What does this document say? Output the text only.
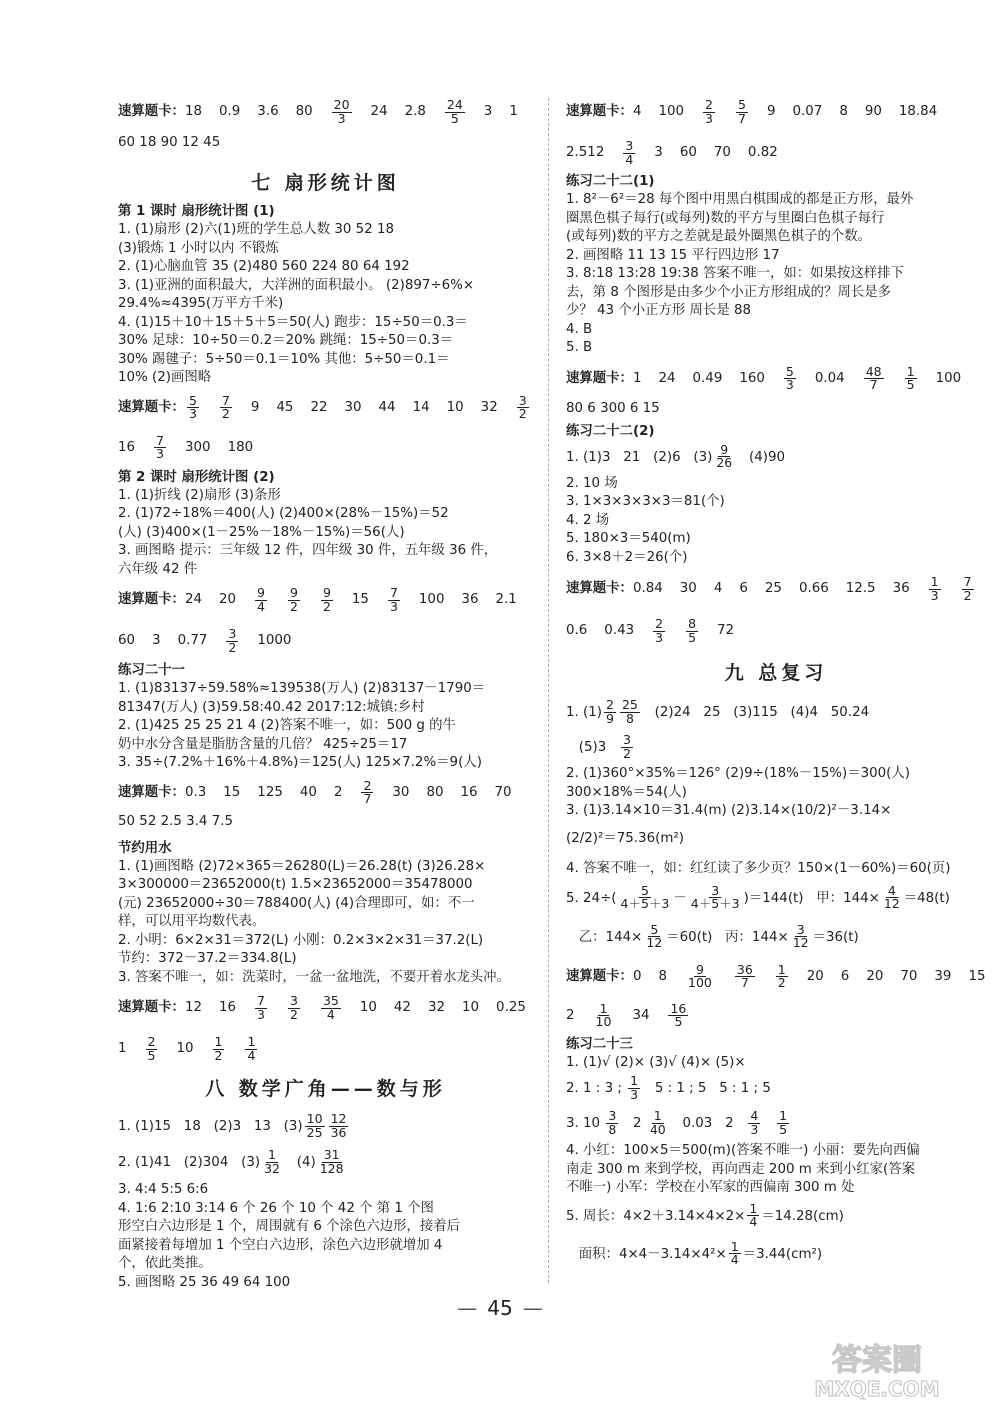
速算题卡： 18 0.9 3.6 $80 \frac{20}{3} 24$ $2.8 \frac{24}{5} 3$ 1
60 18 90 12 45
七 扇形统计图
第 1 课时 扇形统计图 (1)
1. (1)扇形 (2)六(1)班的学生总人数 30 52 18
(3)锻炼 1 小时以内 不锻炼
2. (1)心脑血管 35 (2)480 560 224 80 64 192
3. (1)亚洲的面积最大，大洋洲的面积最小。 (2)897÷6%×
29.4%≈4395(万平方千米)
4. (1)15＋10＋15＋5＋5＝50(人) 跑步：15÷50＝0.3＝
30% 足球：10÷50＝0.2＝20% 跳绳：15÷50＝0.3＝
30% 踢毽子：5÷50＝0.1＝10% 其他：5÷50＝0.1＝
10% (2)画图略
速算题卡： $\frac{5}{3} \frac{7}{2} 9$ 45 22 30 44 14 10 $32 \frac{3}{2}$
$16 \frac{7}{3} 300$ 180
第 2 课时 扇形统计图 (2)
1. (1)折线 (2)扇形 (3)条形
2. (1)72÷18%＝400(人) (2)400×(28%－15%)＝52
(人) (3)400×(1－25%－18%－15%)＝56(人)
3. 画图略 提示：三年级 12 件，四年级 30 件，五年级 36 件，
六年级 42 件
速算题卡： 24 $20 \frac{9}{4} \frac{9}{2} \frac{9}{2} 15 \frac{7}{3} 100$ 36 2.1
60 3 $0.77 \frac{3}{2} 1000$
练习二十一
1. (1)83137÷59.58%≈139538(万人) (2)83137－1790＝
81347(万人) (3)59.58:40.42 2017:12:城镇:乡村
2. (1)425 25 25 21 4 (2)答案不唯一，如：500 g 的牛
奶中水分含量是脂肪含量的几倍？ 425÷25＝17
3. 35÷(7.2%＋16%＋4.8%)＝125(人) 125×7.2%＝9(人)
速算题卡： 0.3 15 125 40 $2 \frac{2}{7} 30$ 80 16 70
50 52 2.5 3.4 7.5
节约用水
1. (1)画图略 (2)72×365＝26280(L)＝26.28(t) (3)26.28×
3×300000＝23652000(t) 1.5×23652000＝35478000
(元) 23652000÷30＝788400(人) (4)合理即可，如：不一
样，可以用平均数代表。
2. 小明：6×2×31＝372(L) 小刚：0.2×3×2×31＝37.2(L)
节约：372－37.2＝334.8(L)
3. 答案不唯一，如：洗菜时，一盆一盆地洗，不要开着水龙头冲。
速算题卡： 12 $16 \frac{7}{3} \frac{3}{2} \frac{35}{4} 10$ 42 32 10 0.25
$1 \frac{2}{5} 10 \frac{1}{2} \frac{1}{4}$
八 数学广角——数与形
1. (1)15   18   (2)3   13   $(3) \frac{10}{25} \frac{12}{36}$
2. (1)41   (2)304   $(3) \frac{1}{32} (4) \frac{31}{128}$
3. 4:4 5:5 6:6
4. 1:6 2:10 3:14 6 个 26 个 10 个 42 个 第 1 个图
形空白六边形是 1 个，周围就有 6 个涂色六边形，接着后
面紧接着每增加 1 个空白六边形，涂色六边形就增加 4
个，依此类推。
5. 画图略 25 36 49 64 100
速算题卡： 4 $100 \frac{2}{3} \frac{5}{7} 9$ 0.07 8 90 18.84
$2.512 \frac{3}{4} 3$ 60 70 0.82
练习二十二(1)
1. 8²－6²＝28 每个图中用黑白棋围成的都是正方形，最外
圈黑色棋子每行(或每列)数的平方与里圈白色棋子每行
(或每列)数的平方之差就是最外圈黑色棋子的个数。
2. 画图略 11 13 15 平行四边形 17
3. 8:18 13:28 19:38 答案不唯一，如：如果按这样排下
去，第 8 个图形是由多少个小正方形组成的？周长是多
少？ 43 个小正方形 周长是 88
4. B
5. B
速算题卡： 1 24 0.49 $160 \frac{5}{3} 0.04 \frac{48}{7} \frac{1}{5} 100$
80 6 300 6 15
练习二十二(2)
1. (1)3   21   (2)6   $(3) \frac{9}{26} (4)90$
2. 10 场
3. 1×3×3×3×3＝81(个)
4. 2 场
5. 180×3＝540(m)
6. 3×8＋2＝26(个)
速算题卡： 0.84 30 4 6 25 0.66 12.5 $36 \frac{1}{3} \frac{7}{2}$
0.6 $0.43 \frac{2}{3} \frac{8}{5} 72$
九 总复习
1. $(1) \frac{2}{9} \frac{25}{8} (2)24$   25   (3)115   (4)4   50.24
$(5)3 \frac{3}{2}$
2. (1)360°×35%＝126° (2)9÷(18%－15%)＝300(人)
300×18%＝54(人)
3. (1)3.14×10＝31.4(m) (2)3.14×(10/2)²－3.14×
(2/2)²＝75.36(m²)
4. 答案不唯一，如：红红读了多少页？150×(1－60%)＝60(页)
5. $24\div( \frac{5}{4+5+3} - \frac{3}{4+5+3} )=144(t)$   甲：$144\times \frac{4}{12} =48(t)$
乙：$144\times \frac{5}{12} =60(t)$   丙：$144\times \frac{3}{12} =36(t)$
速算题卡： 0 $8 \frac{9}{100} \frac{36}{7} \frac{1}{2} 20$ 6 20 70 39 15
$2 \frac{1}{10} 34 \frac{16}{5}$
练习二十三
1. (1)√ (2)× (3)√ (4)× (5)×
2. 1 : 3 ; $\frac{1}{3} 5$ : 1 ; 5   5 : 1 ; 5
3. $10 \frac{3}{8} 2 \frac{1}{40} 0.03$   $2 \frac{4}{3}$
$\frac{1}{5}$
4. 小红：100×5＝500(m)(答案不唯一) 小丽：要先向西偏
南走 300 m 来到学校，再向西走 200 m 来到小红家(答案
不唯一) 小军：学校在小军家的西偏南 300 m 处
5. 周长：$4\times 2+3.14\times 4\times 2\times \frac{1}{4} =14.28(cm)$
面积：$4\times 4-3.14\times 4^2\times \frac{1}{4} =3.44(cm^2)$
— 45 —
答案圈
MXQE.COM
